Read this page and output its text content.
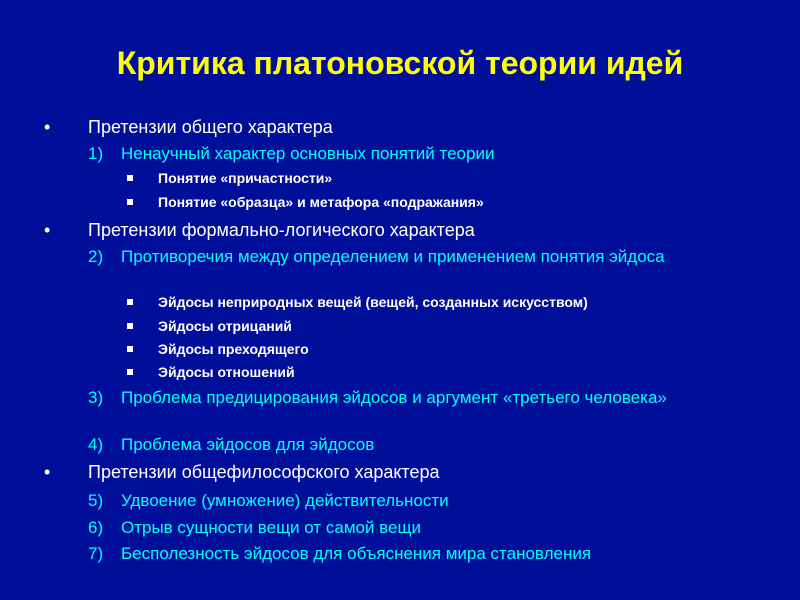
Критика платоновской теории идей
• Претензии общего характера
1) Ненаучный характер основных понятий теории
Понятие «причастности»
Понятие «образца» и метафора «подражания»
• Претензии формально-логического характера
2) Противоречия между определением и применением понятия эйдоса
Эйдосы неприродных вещей (вещей, созданных искусством)
Эйдосы отрицаний
Эйдосы преходящего
Эйдосы отношений
3) Проблема предицирования эйдосов и аргумент «третьего человека»
4) Проблема эйдосов для эйдосов
• Претензии общефилософского характера
5) Удвоение (умножение) действительности
6) Отрыв сущности вещи от самой вещи
7) Бесполезность эйдосов для объяснения мира становления
